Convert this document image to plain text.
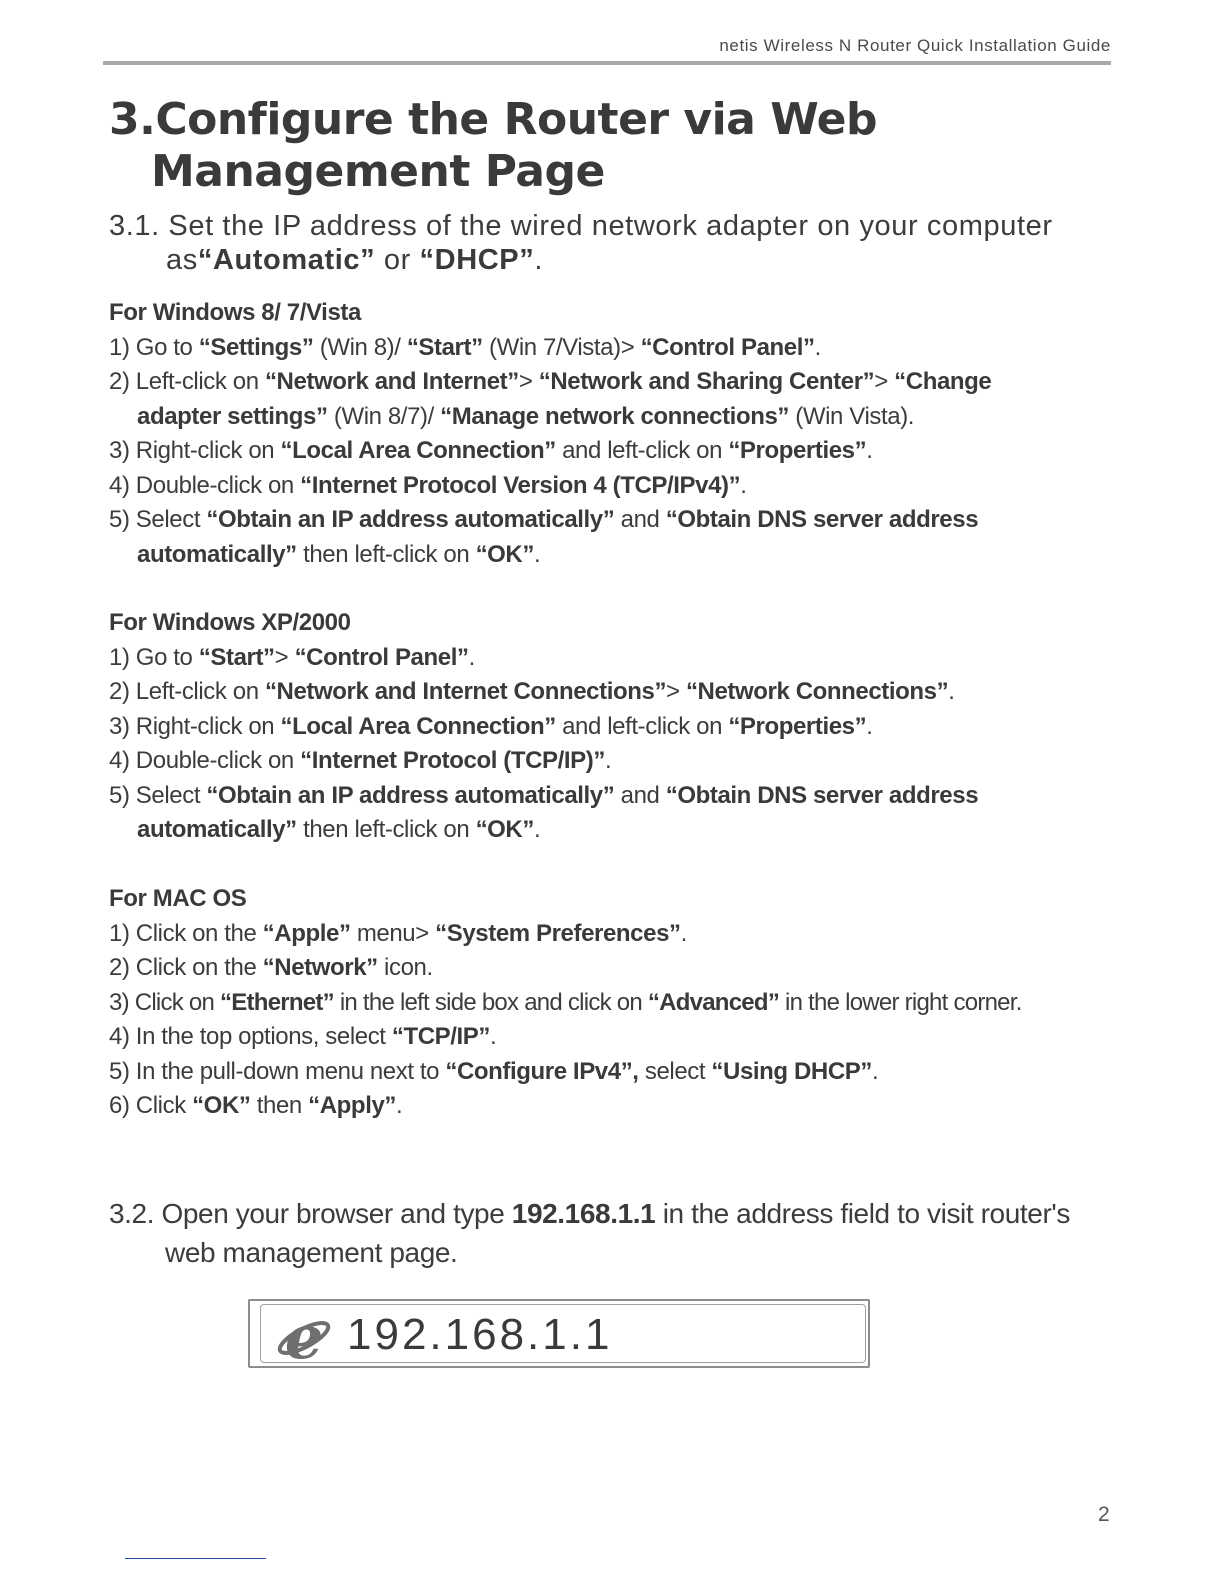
netis Wireless N Router Quick Installation Guide
3.Configure the Router via Web
Management Page
3.1. Set the IP address of the wired network adapter on your computer
as“Automatic” or “DHCP”.
For Windows 8/ 7/Vista
1) Go to “Settings” (Win 8)/ “Start” (Win 7/Vista)> “Control Panel”.
2) Left-click on “Network and Internet”> “Network and Sharing Center”> “Change
adapter settings” (Win 8/7)/ “Manage network connections” (Win Vista).
3) Right-click on “Local Area Connection” and left-click on “Properties”.
4) Double-click on “Internet Protocol Version 4 (TCP/IPv4)”.
5) Select “Obtain an IP address automatically” and “Obtain DNS server address
automatically” then left-click on “OK”.
For Windows XP/2000
1) Go to “Start”> “Control Panel”.
2) Left-click on “Network and Internet Connections”> “Network Connections”.
3) Right-click on “Local Area Connection” and left-click on “Properties”.
4) Double-click on “Internet Protocol (TCP/IP)”.
5) Select “Obtain an IP address automatically” and “Obtain DNS server address
automatically” then left-click on “OK”.
For MAC OS
1) Click on the “Apple” menu> “System Preferences”.
2) Click on the “Network” icon.
3) Click on “Ethernet” in the left side box and click on “Advanced” in the lower right corner.
4) In the top options, select “TCP/IP”.
5) In the pull-down menu next to “Configure IPv4”, select “Using DHCP”.
6) Click “OK” then “Apply”.
3.2. Open your browser and type 192.168.1.1 in the address field to visit router's
web management page.
e 192.168.1.1
2
